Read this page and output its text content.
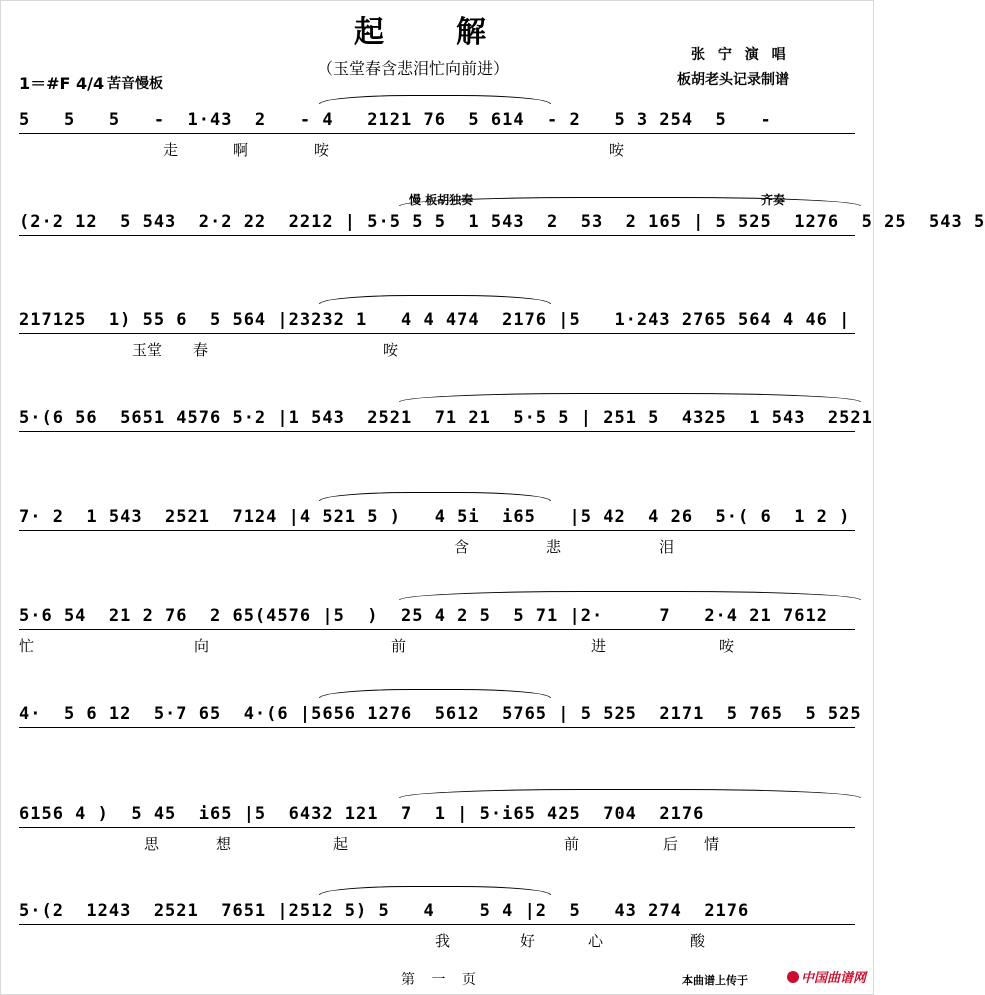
起解
（玉堂春含悲泪忙向前进）
张 宁 演 唱
板胡老头记录制谱
1＝#F 4/4 苦音慢板
5   5   5   -  1·43  2   - 4   2121 76  5 614  - 2   5 3 254  5   -
走	啊	咹	咹
(2·2 12  5 543  2·2 22  2212 | 5·5 5 5  1 543  2  53  2 165 | 5 525  1276  5 25  543 5
慢 板胡独奏	齐奏
217125  1) 55 6  5 564 |23232 1   4 4 474  2176 |5   1·243 2765 564 4 46 |
玉堂 春	咹
5·(6 56  5651 4576 5·2 |1 543  2521  71 21  5·5 5 | 251 5  4325  1 543  2521
7· 2  1 543  2521  7124 |4 521 5 )   4 5i  i65   |5 42  4 26  5·( 6  1 2 )
含	悲	泪
5·6 54  21 2 76  2 65(4576 |5  )  25 4 2 5  5 71 |2·     7   2·4 21 7612
忙	向	前	进	咹
4·  5 6 12  5·7 65  4·(6 |5656 1276  5612  5765 | 5 525  2171  5 765  5 525
6156 4 )  5 45  i65 |5  6432 121  7  1 | 5·i65 425  704  2176
思	想	起	前	后 情
5·(2  1243  2521  7651 |2512 5) 5   4    5 4 |2  5   43 274  2176
我	好	心	酸
第 一 页	本曲谱上传于	中国曲谱网
